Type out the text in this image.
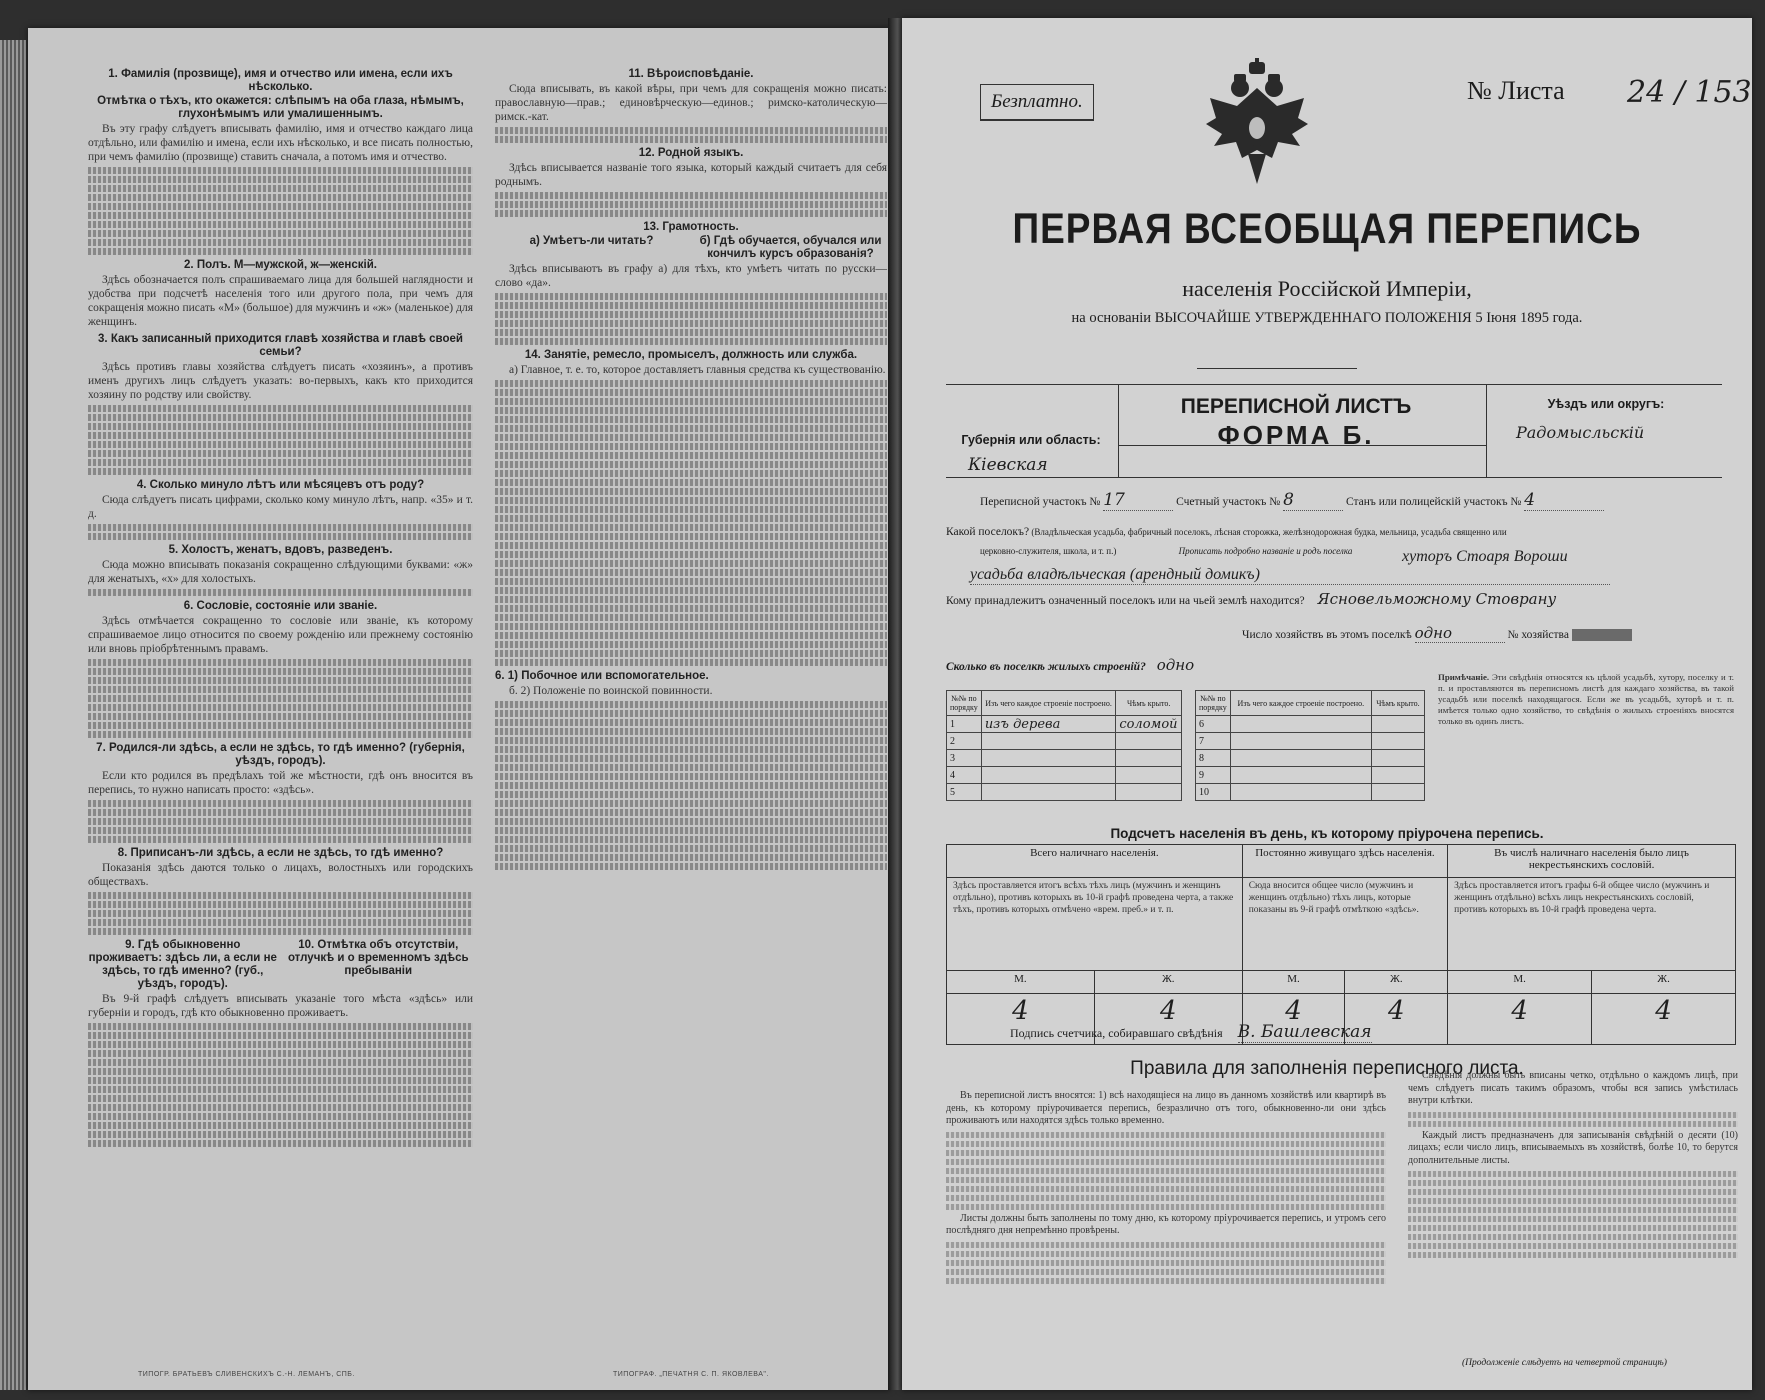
1. Фамилія (прозвище), имя и отчество или имена, если ихъ нѣсколько.
Отмѣтка о тѣхъ, кто окажется: слѣпымъ на оба глаза, нѣмымъ, глухонѣмымъ или умалишеннымъ.

Въ эту графу слѣдуетъ вписывать фамилію, имя и отчество каждаго лица отдѣльно, или фамилію и имена, если ихъ нѣсколько, и все писать полностью, при чемъ фамилію (прозвище) ставить сначала, а потомъ имя и отчество.

2. Полъ. М—мужской, ж—женскій.

Здѣсь обозначается полъ спрашиваемаго лица для большей наглядности и удобства при подсчетѣ населенія того или другого пола, при чемъ для сокращенія можно писать «М» (большое) для мужчинъ и «ж» (маленькое) для женщинъ.

3. Какъ записанный приходится главѣ хозяйства и главѣ своей семьи?

Здѣсь противъ главы хозяйства слѣдуетъ писать «хозяинъ», а противъ именъ другихъ лицъ слѣдуетъ указать: во-первыхъ, какъ кто приходится хозяину по родству или свойству.

4. Сколько минуло лѣтъ или мѣсяцевъ отъ роду?

Сюда слѣдуетъ писать цифрами, сколько кому минуло лѣтъ, напр. «35» и т. д.

5. Холостъ, женатъ, вдовъ, разведенъ.

Сюда можно вписывать показанія сокращенно слѣдующими буквами: «ж» для женатыхъ, «х» для холостыхъ.

6. Сословіе, состояніе или званіе.

Здѣсь отмѣчается сокращенно то сословіе или званіе, къ которому спрашиваемое лицо относится по своему рожденію или прежнему состоянію или вновь пріобрѣтеннымъ правамъ.

7. Родился-ли здѣсь, а если не здѣсь, то гдѣ именно? (губернія, уѣздъ, городъ).

Если кто родился въ предѣлахъ той же мѣстности, гдѣ онъ вносится въ перепись, то нужно написать просто: «здѣсь».

8. Приписанъ-ли здѣсь, а если не здѣсь, то гдѣ именно?

Показанія здѣсь даются только о лицахъ, волостныхъ или городскихъ обществахъ.

9. Гдѣ обыкновенно проживаетъ: здѣсь ли, а если не здѣсь, то гдѣ именно? (губ., уѣздъ, городъ).
10. Отмѣтка объ отсутствіи, отлучкѣ и о временномъ здѣсь пребываніи

Въ 9-й графѣ слѣдуетъ вписывать указаніе того мѣста «здѣсь» или губерніи и городъ, гдѣ кто обыкновенно проживаетъ.

11. Вѣроисповѣданіе.

Сюда вписывать, въ какой вѣры, при чемъ для сокращенія можно писать: православную—прав.; единовѣрческую—единов.; римско-католическую—римск.-кат.

12. Родной языкъ.

Здѣсь вписывается названіе того языка, который каждый считаетъ для себя роднымъ.

13. Грамотность.
а) Умѣетъ-ли читать?	б) Гдѣ обучается, обучался или кончилъ курсъ образованія?

Здѣсь вписываютъ въ графу а) для тѣхъ, кто умѣетъ читать по русски—слово «да».

14. Занятіе, ремесло, промыселъ, должность или служба.

а) Главное, т. е. то, которое доставляетъ главныя средства къ существованію.

6. 1) Побочное или вспомогательное.

б. 2) Положеніе по воинской повинности.

ТИПОГР. БРАТЬЕВЪ СЛИВЕНСКИХЪ С.-Н. ЛЕМАНЪ, СПБ.	ТИПОГРАФ. „ПЕЧАТНЯ С. П. ЯКОВЛЕВА".
Безплатно.	№ Листа 24 / 153
ПЕРВАЯ ВСЕОБЩАЯ ПЕРЕПИСЬ
населенія Россійской Имперіи,
на основаніи ВЫСОЧАЙШЕ УТВЕРЖДЕННАГО ПОЛОЖЕНІЯ 5 Іюня 1895 года.
Губернія или область:
Кіевская
ПЕРЕПИСНОЙ ЛИСТЪ
ФОРМА Б.
Уѣздъ или округъ:
Радомысльскій
Переписной участокъ № 17	Счетный участокъ № 8	Станъ или полицейскій участокъ № 4
Какой поселокъ? (Владѣльческая усадьба, фабричный поселокъ, лѣсная сторожка, желѣзнодорожная будка, мельница, усадьба священно или
церковно-служителя, школа, и т. п.)	Прописать подробно названіе и родъ поселка	хуторъ Стоаря Вороши
усадьба владѣльческая (арендный домикъ)
Кому принадлежитъ означенный поселокъ или на чьей землѣ находится? Ясновельможному Стоврану
Число хозяйствъ въ этомъ поселкѣ одно	№ хозяйства
Сколько въ поселкѣ жилыхъ строеній? одно
№№ по порядку	Изъ чего каждое строеніе построено.	Чѣмъ крыто.
1	изъ дерева	соломой
2		
3		
4		
5		
№№ по порядку	Изъ чего каждое строеніе построено.	Чѣмъ крыто.
6		
7		
8		
9		
10		
Примѣчаніе. Эти свѣдѣнія относятся къ цѣлой усадьбѣ, хутору, поселку и т. п. и проставляются въ переписномъ листѣ для каждаго хозяйства, въ такой усадьбѣ или поселкѣ находящагося. Если же въ усадьбѣ, хуторѣ и т. п. имѣется только одно хозяйство, то свѣдѣнія о жилыхъ строеніяхъ вносятся только въ одинъ листъ.
Подсчетъ населенія въ день, къ которому пріурочена перепись.
Всего наличнаго населенія.		Постоянно живущаго здѣсь населенія.		Въ числѣ наличнаго населенія было лицъ некрестьянскихъ сословій.	
Здѣсь проставляется итогъ всѣхъ тѣхъ лицъ (мужчинъ и женщинъ отдѣльно), противъ которыхъ въ 10-й графѣ проведена черта, а также тѣхъ, противъ которыхъ отмѣчено «врем. преб.» и т. п.		Сюда вносится общее число (мужчинъ и женщинъ отдѣльно) тѣхъ лицъ, которые показаны въ 9-й графѣ отмѣткою «здѣсь».		Здѣсь проставляется итогъ графы 6-й общее число (мужчинъ и женщинъ отдѣльно) всѣхъ лицъ некрестьянскихъ сословій, противъ которыхъ въ 10-й графѣ проведена черта.	
М.	Ж.	М.	Ж.	М.	Ж.
4	4	4	4	4	4
Подпись счетчика, собиравшаго свѣдѣнія В. Башлевская
Правила для заполненія переписного листа.

Въ переписной листъ вносятся: 1) всѣ находящіеся на лицо въ данномъ хозяйствѣ или квартирѣ въ день, къ которому пріурочивается перепись, безразлично отъ того, обыкновенно-ли они здѣсь проживаютъ или находятся здѣсь только временно.

Листы должны быть заполнены по тому дню, къ которому пріурочивается перепись, и утромъ сего послѣдняго дня непремѣнно провѣрены.

Свѣдѣнія должны быть вписаны четко, отдѣльно о каждомъ лицѣ, при чемъ слѣдуетъ писать такимъ образомъ, чтобы вся запись умѣстилась внутри клѣтки.

Каждый листъ предназначенъ для записыванія свѣдѣній о десяти (10) лицахъ; если число лицъ, вписываемыхъ въ хозяйствѣ, болѣе 10, то берутся дополнительные листы.

(Продолженіе слѣдуетъ на четвертой страницѣ)
